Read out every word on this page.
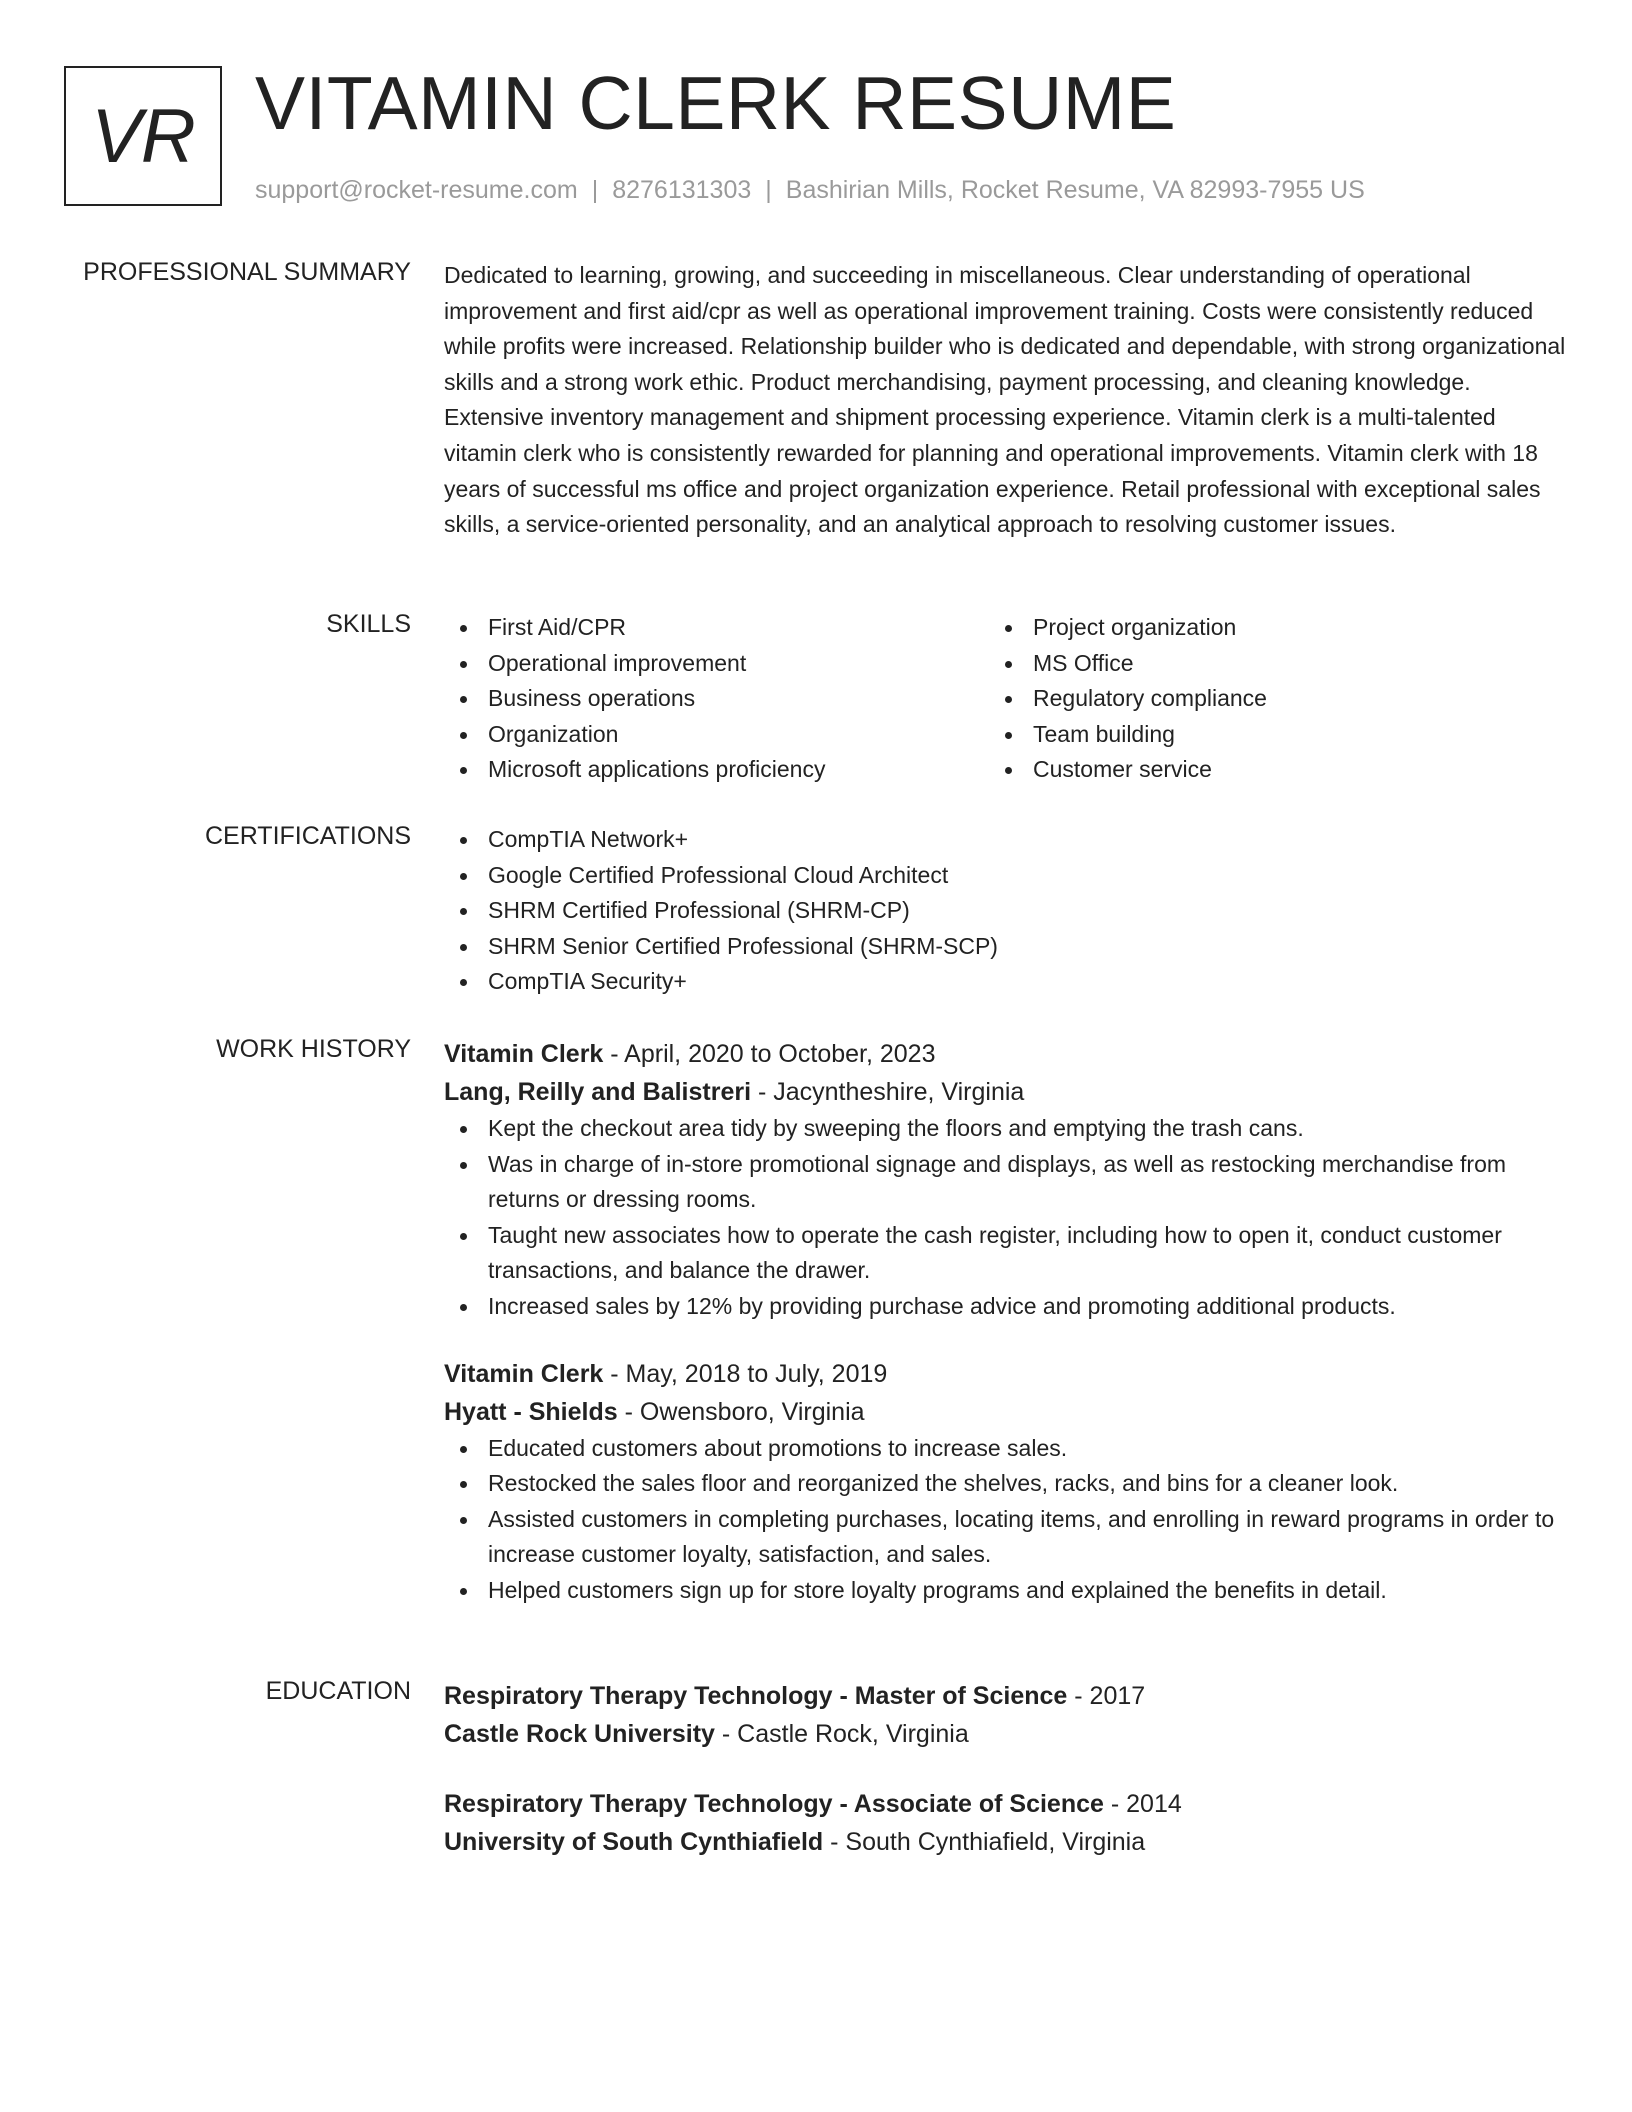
VR VITAMIN CLERK RESUME
support@rocket-resume.com | 8276131303 | Bashirian Mills, Rocket Resume, VA 82993-7955 US
PROFESSIONAL SUMMARY Dedicated to learning, growing, and succeeding in miscellaneous. Clear understanding of operational improvement and first aid/cpr as well as operational improvement training. Costs were consistently reduced while profits were increased. Relationship builder who is dedicated and dependable, with strong organizational skills and a strong work ethic. Product merchandising, payment processing, and cleaning knowledge. Extensive inventory management and shipment processing experience. Vitamin clerk is a multi-talented vitamin clerk who is consistently rewarded for planning and operational improvements. Vitamin clerk with 18 years of successful ms office and project organization experience. Retail professional with exceptional sales skills, a service-oriented personality, and an analytical approach to resolving customer issues.

SKILLS	First Aid/CPR
Operational improvement
Business operations
Organization
Microsoft applications proficiency
Project organization
MS Office
Regulatory compliance
Team building
Customer service
CERTIFICATIONS	CompTIA Network+
Google Certified Professional Cloud Architect
SHRM Certified Professional (SHRM-CP)
SHRM Senior Certified Professional (SHRM-SCP)
CompTIA Security+
WORK HISTORY Vitamin Clerk - April, 2020 to October, 2023
Lang, Reilly and Balistreri - Jacyntheshire, Virginia
Kept the checkout area tidy by sweeping the floors and emptying the trash cans.
Was in charge of in-store promotional signage and displays, as well as restocking merchandise from returns or dressing rooms.
Taught new associates how to operate the cash register, including how to open it, conduct customer transactions, and balance the drawer.
Increased sales by 12% by providing purchase advice and promoting additional products.
Vitamin Clerk - May, 2018 to July, 2019
Hyatt - Shields - Owensboro, Virginia
Educated customers about promotions to increase sales.
Restocked the sales floor and reorganized the shelves, racks, and bins for a cleaner look.
Assisted customers in completing purchases, locating items, and enrolling in reward programs in order to increase customer loyalty, satisfaction, and sales.
Helped customers sign up for store loyalty programs and explained the benefits in detail.
EDUCATION Respiratory Therapy Technology - Master of Science - 2017
Castle Rock University - Castle Rock, Virginia
Respiratory Therapy Technology - Associate of Science - 2014
University of South Cynthiafield - South Cynthiafield, Virginia
